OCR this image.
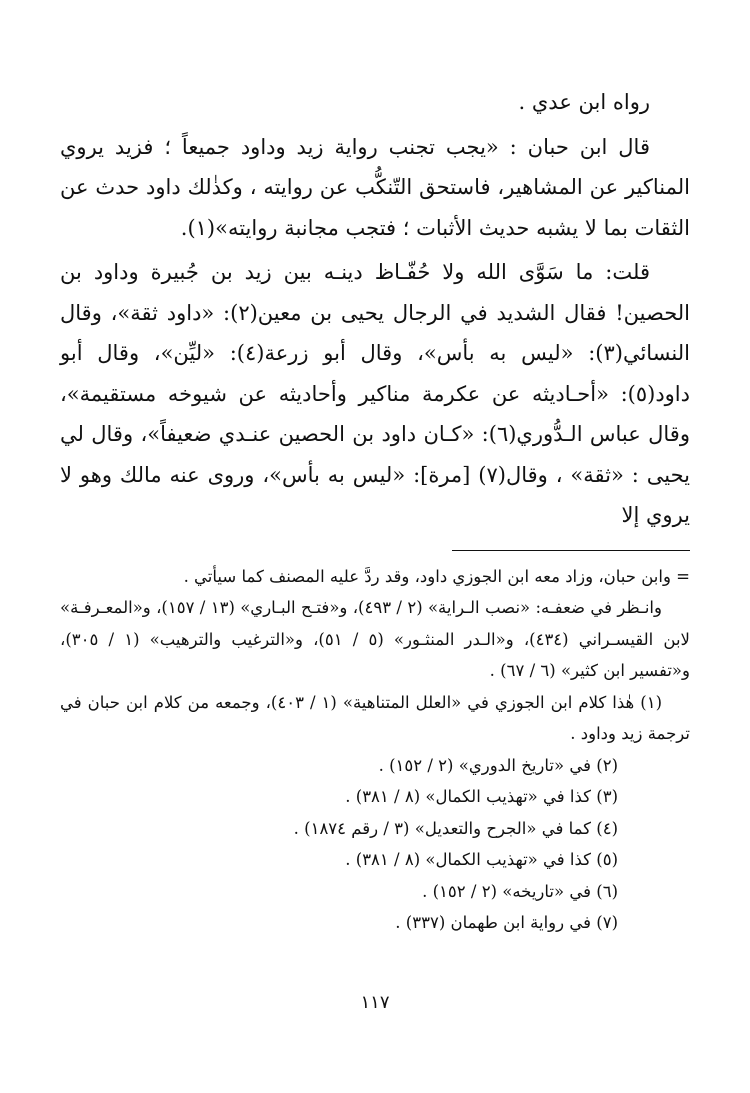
رواه ابن عدي .

قال ابن حبان : «يجب تجنب رواية زيد وداود جميعاً ؛ فزيد يروي المناكير عن المشاهير، فاستحق التّنكُّب عن روايته ، وكذٰلك داود حدث عن الثقات بما لا يشبه حديث الأثبات ؛ فتجب مجانبة روايته»(١).

قلت: ما سَوَّى الله ولا حُفّـاظ دينـه بين زيد بن جُبيرة وداود بن الحصين! فقال الشديد في الرجال يحيى بن معين(٢): «داود ثقة»، وقال النسائي(٣): «ليس به بأس»، وقال أبو زرعة(٤): «ليِّن»، وقال أبو داود(٥): «أحـاديثه عن عكرمة مناكير وأحاديثه عن شيوخه مستقيمة»، وقال عباس الـدُّوري(٦): «كـان داود بن الحصين عنـدي ضعيفاً»، وقال لي يحيى : «ثقة» ، وقال(٧) [مرة]: «ليس به بأس»، وروى عنه مالك وهو لا يروي إلا

= وابن حبان، وزاد معه ابن الجوزي داود، وقد ردَّ عليه المصنف كما سيأتي .

وانـظر في ضعفـه: «نصب الـراية» (٢ / ٤٩٣)، و«فتـح البـاري» (١٣ / ١٥٧)، و«المعـرفـة» لابن القيسـراني (٤٣٤)، و«الـدر المنثـور» (٥ / ٥١)، و«الترغيب والترهيب» (١ / ٣٠٥)، و«تفسير ابن كثير» (٦ / ٦٧) .

(١) هٰذا كلام ابن الجوزي في «العلل المتناهية» (١ / ٤٠٣)، وجمعه من كلام ابن حبان في ترجمة زيد وداود .

(٢) في «تاريخ الدوري» (٢ / ١٥٢) .

(٣) كذا في «تهذيب الكمال» (٨ / ٣٨١) .

(٤) كما في «الجرح والتعديل» (٣ / رقم ١٨٧٤) .

(٥) كذا في «تهذيب الكمال» (٨ / ٣٨١) .

(٦) في «تاريخه» (٢ / ١٥٢) .

(٧) في رواية ابن طهمان (٣٣٧) .

١١٧
